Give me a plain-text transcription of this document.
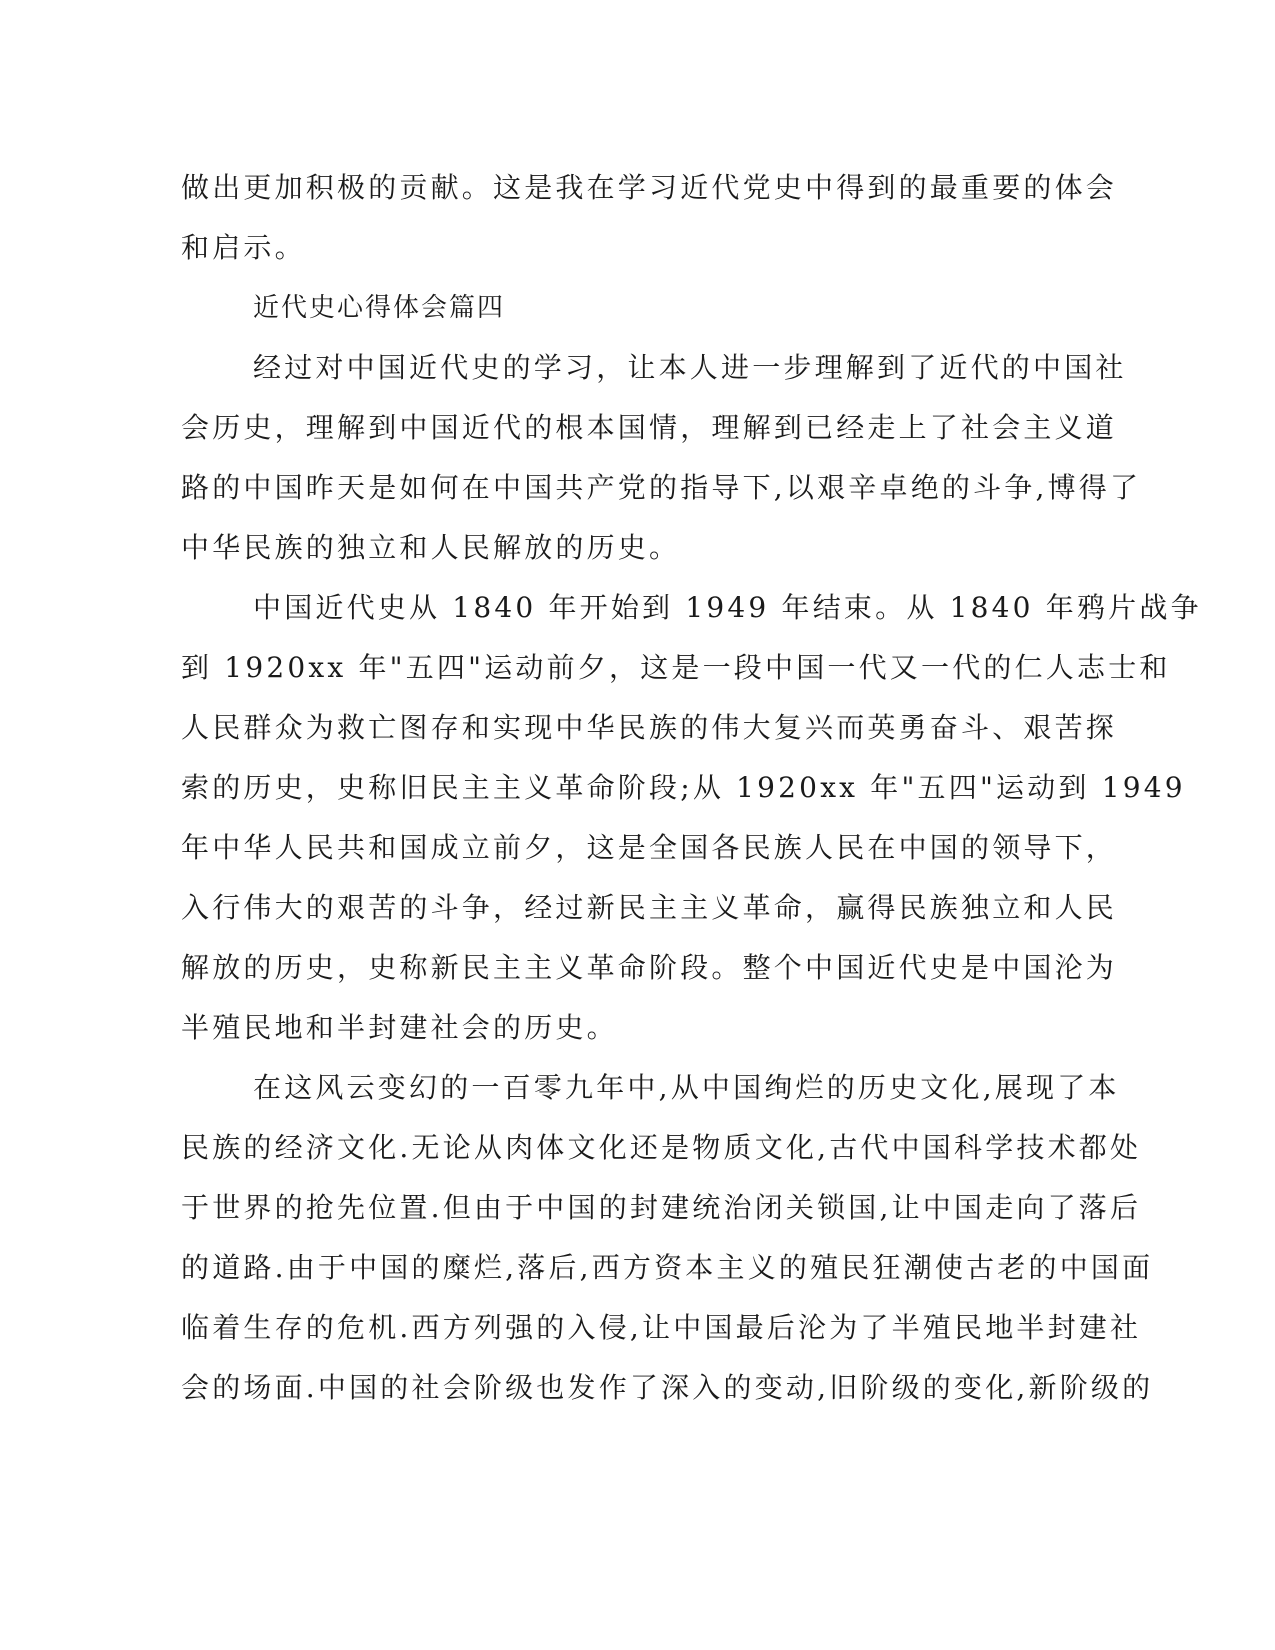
做出更加积极的贡献。这是我在学习近代党史中得到的最重要的体会
和启示。
近代史心得体会篇四
经过对中国近代史的学习，让本人进一步理解到了近代的中国社
会历史，理解到中国近代的根本国情，理解到已经走上了社会主义道
路的中国昨天是如何在中国共产党的指导下,以艰辛卓绝的斗争,博得了
中华民族的独立和人民解放的历史。
中国近代史从 1840 年开始到 1949 年结束。从 1840 年鸦片战争
到 1920xx 年"五四"运动前夕，这是一段中国一代又一代的仁人志士和
人民群众为救亡图存和实现中华民族的伟大复兴而英勇奋斗、艰苦探
索的历史，史称旧民主主义革命阶段;从 1920xx 年"五四"运动到 1949
年中华人民共和国成立前夕，这是全国各民族人民在中国的领导下，
入行伟大的艰苦的斗争，经过新民主主义革命，赢得民族独立和人民
解放的历史，史称新民主主义革命阶段。整个中国近代史是中国沦为
半殖民地和半封建社会的历史。
在这风云变幻的一百零九年中,从中国绚烂的历史文化,展现了本
民族的经济文化.无论从肉体文化还是物质文化,古代中国科学技术都处
于世界的抢先位置.但由于中国的封建统治闭关锁国,让中国走向了落后
的道路.由于中国的糜烂,落后,西方资本主义的殖民狂潮使古老的中国面
临着生存的危机.西方列强的入侵,让中国最后沦为了半殖民地半封建社
会的场面.中国的社会阶级也发作了深入的变动,旧阶级的变化,新阶级的
